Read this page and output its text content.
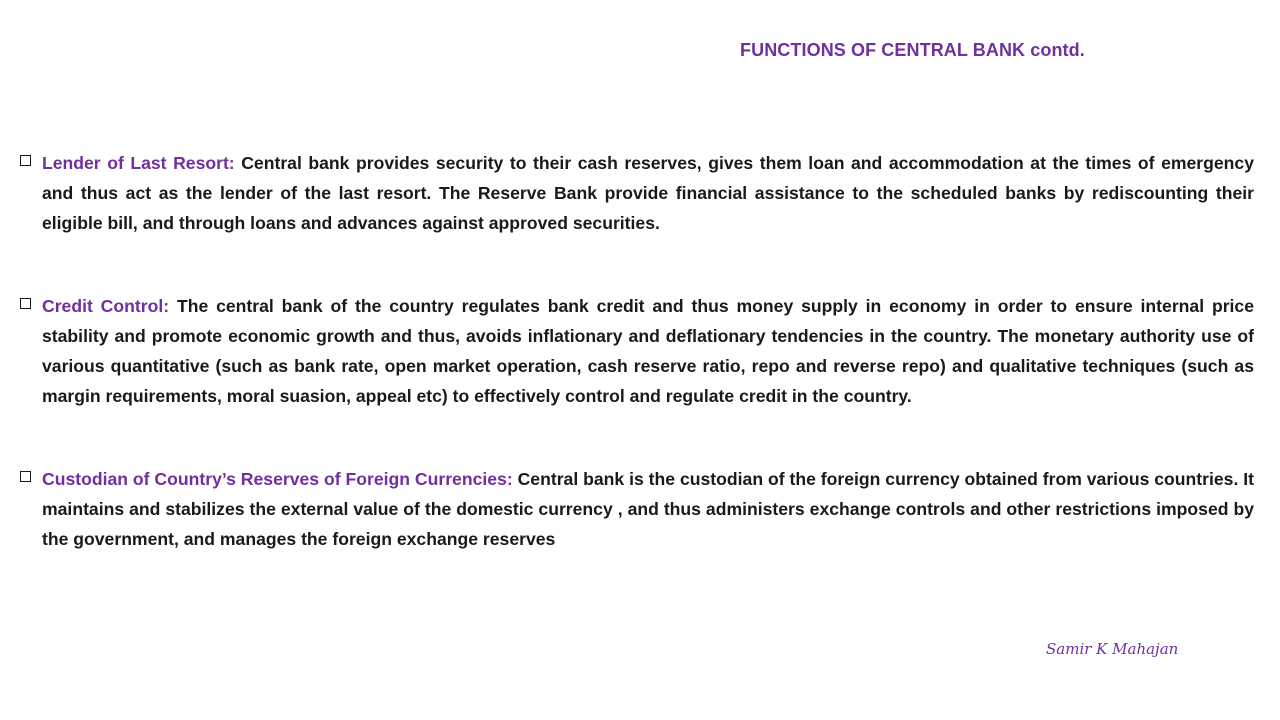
FUNCTIONS OF CENTRAL BANK contd.

Lender of Last Resort: Central bank provides security to their cash reserves, gives them loan and accommodation at the times of emergency and thus act as the lender of the last resort. The Reserve Bank provide financial assistance to the scheduled banks by rediscounting their eligible bill, and through loans and advances against approved securities.

Credit Control: The central bank of the country regulates bank credit and thus money supply in economy in order to ensure internal price stability and promote economic growth and thus, avoids inflationary and deflationary tendencies in the country. The monetary authority use of various quantitative (such as bank rate, open market operation, cash reserve ratio, repo and reverse repo) and qualitative techniques (such as margin requirements, moral suasion, appeal etc) to effectively control and regulate credit in the country.

Custodian of Country’s Reserves of Foreign Currencies: Central bank is the custodian of the foreign currency obtained from various countries. It maintains and stabilizes the external value of the domestic currency , and thus administers exchange controls and other restrictions imposed by the government, and manages the foreign exchange reserves

Samir K Mahajan
